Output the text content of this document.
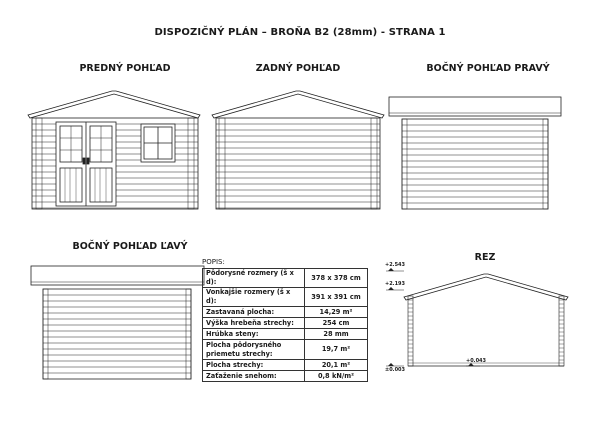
DISPOZIČNÝ PLÁN – BROŇA B2 (28mm) - STRANA 1
PREDNÝ POHĽAD	ZADNÝ POHĽAD	BOČNÝ POHĽAD PRAVÝ
BOČNÝ POHĽAD ĽAVÝ
REZ
POPIS:
Pôdorysné rozmery (š x d):	378 x 378 cm
Vonkajšie rozmery (š x d):	391 x 391 cm
Zastavaná plocha:	14,29 m²
Výška hrebeňa strechy:	254 cm
Hrúbka steny:	28 mm
Plocha pôdorysného priemetu strechy:	19,7 m²
Plocha strechy:	20,1 m²
Zaťaženie snehom:	0,8 kN/m²
+2.543
+2.193
±0.003
+0.043
